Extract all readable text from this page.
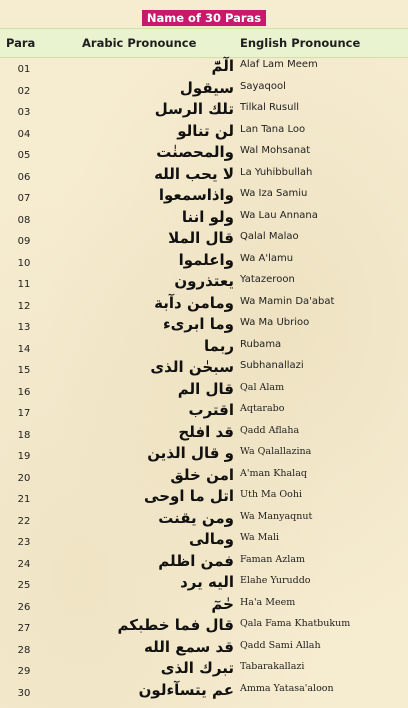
Name of 30 Paras
Para	Arabic Pronounce	English Pronounce
01	الٓمّٓ Alaf Lam Meem
02	سيقول Sayaqool
03	تلك الرسل Tilkal Rusull
04	لن تنالو Lan Tana Loo
05	والمحصنٰت Wal Mohsanat
06	لا يحب الله La Yuhibbullah
07	واذاسمعوا Wa Iza Samiu
08	ولو اننا Wa Lau Annana
09	قال الملا Qalal Malao
10	واعلموا Wa A'lamu
11	يعتذرون Yatazeroon
12	ومامن دآبة Wa Mamin Da'abat
13	وما ابرىء Wa Ma Ubrioo
14	ربما Rubama
15	سبحٰن الذى Subhanallazi
16	قال الم Qal Alam
17	اقترب Aqtarabo
18	قد افلح Qadd Aflaha
19	و قال الذين Wa Qalallazina
20	امن خلق A'man Khalaq
21	اتل ما اوحى Uth Ma Oohi
22	ومن يقنت Wa Manyaqnut
23	ومالى Wa Mali
24	فمن اظلم Faman Azlam
25	اليه يرد Elahe Yuruddo
26	حٰمٓ Ha'a Meem
27	قال فما خطبكم Qala Fama Khatbukum
28	قد سمع الله Qadd Sami Allah
29	تبرك الذى Tabarakallazi
30	عم يتسآءلون Amma Yatasa'aloon
